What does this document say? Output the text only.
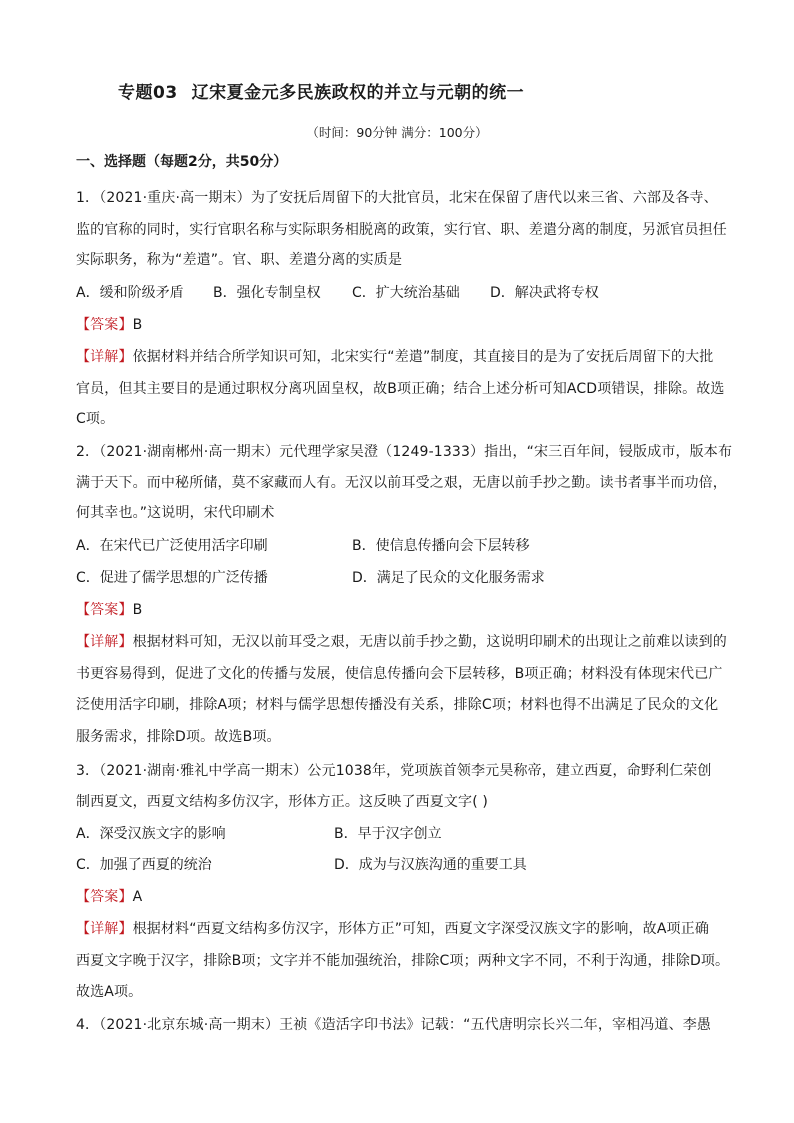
专题03 辽宋夏金元多民族政权的并立与元朝的统一
（时间：90分钟 满分：100分）
一、选择题（每题2分，共50分）
1．（2021·重庆·高一期末）为了安抚后周留下的大批官员，北宋在保留了唐代以来三省、六部及各寺、
监的官称的同时，实行官职名称与实际职务相脱离的政策，实行官、职、差遣分离的制度，另派官员担任
实际职务，称为“差遣”。官、职、差遣分离的实质是
A．缓和阶级矛盾 B．强化专制皇权 C．扩大统治基础 D．解决武将专权
【答案】B
【详解】依据材料并结合所学知识可知，北宋实行“差遣”制度，其直接目的是为了安抚后周留下的大批
官员，但其主要目的是通过职权分离巩固皇权，故B项正确；结合上述分析可知ACD项错误，排除。故选
C项。
2．（2021·湖南郴州·高一期末）元代理学家吴澄（1249-1333）指出，“宋三百年间，锓版成市，版本布
满于天下。而中秘所储，莫不家藏而人有。无汉以前耳受之艰，无唐以前手抄之勤。读书者事半而功倍，
何其幸也。”这说明，宋代印刷术
A．在宋代已广泛使用活字印刷	B．使信息传播向会下层转移
C．促进了儒学思想的广泛传播	D．满足了民众的文化服务需求
【答案】B
【详解】根据材料可知，无汉以前耳受之艰，无唐以前手抄之勤，这说明印刷术的出现让之前难以读到的
书更容易得到，促进了文化的传播与发展，使信息传播向会下层转移，B项正确；材料没有体现宋代已广
泛使用活字印刷，排除A项；材料与儒学思想传播没有关系，排除C项；材料也得不出满足了民众的文化
服务需求，排除D项。故选B项。
3．（2021·湖南·雅礼中学高一期末）公元1038年，党项族首领李元昊称帝，建立西夏，命野利仁荣创
制西夏文，西夏文结构多仿汉字，形体方正。这反映了西夏文字( )
A．深受汉族文字的影响	B．早于汉字创立
C．加强了西夏的统治	D．成为与汉族沟通的重要工具
【答案】A
【详解】根据材料“西夏文结构多仿汉字，形体方正”可知，西夏文字深受汉族文字的影响，故A项正确
西夏文字晚于汉字，排除B项；文字并不能加强统治，排除C项；两种文字不同，不利于沟通，排除D项。
故选A项。
4．（2021·北京东城·高一期末）王祯《造活字印书法》记载：“五代唐明宗长兴二年，宰相冯道、李愚
